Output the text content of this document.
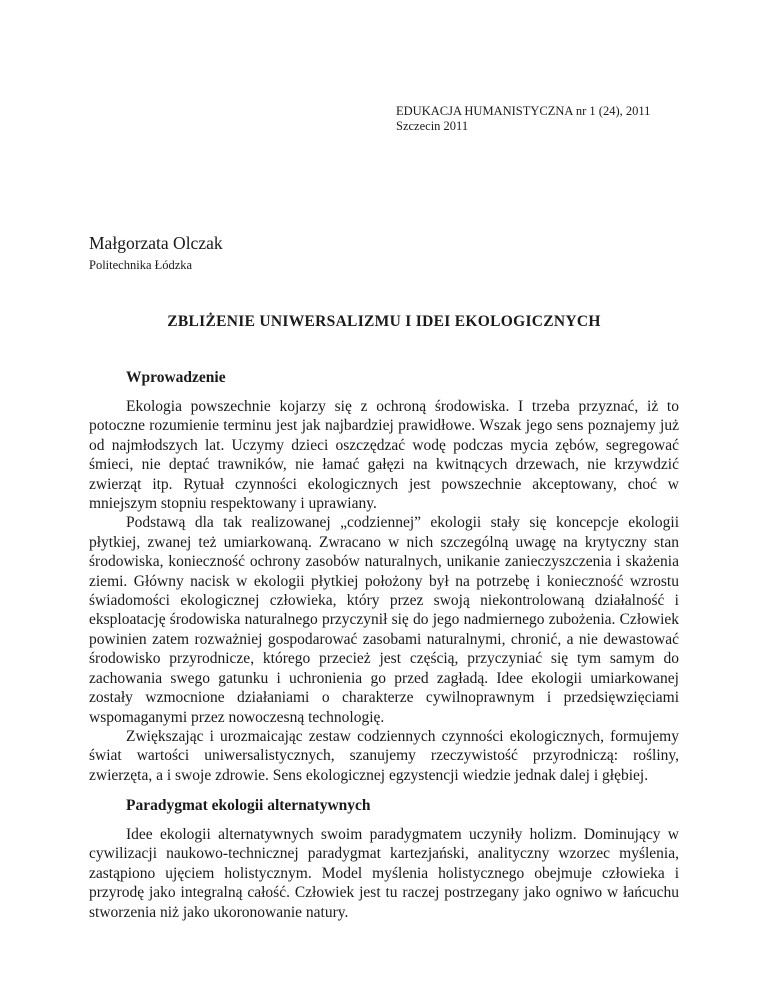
EDUKACJA HUMANISTYCZNA nr 1 (24), 2011
Szczecin 2011
Małgorzata Olczak
Politechnika Łódzka
ZBLIŻENIE UNIWERSALIZMU I IDEI EKOLOGICZNYCH
Wprowadzenie

Ekologia powszechnie kojarzy się z ochroną środowiska. I trzeba przyznać, iż to potoczne rozumienie terminu jest jak najbardziej prawidłowe. Wszak jego sens poznajemy już od najmłodszych lat. Uczymy dzieci oszczędzać wodę podczas mycia zębów, segregować śmieci, nie deptać trawników, nie łamać gałęzi na kwitnących drzewach, nie krzywdzić zwierząt itp. Rytuał czynności ekologicznych jest powszechnie akceptowany, choć w mniejszym stopniu respektowany i uprawiany.

Podstawą dla tak realizowanej „codziennej” ekologii stały się koncepcje ekologii płytkiej, zwanej też umiarkowaną. Zwracano w nich szczególną uwagę na krytyczny stan środowiska, konieczność ochrony zasobów naturalnych, unikanie zanieczyszczenia i skażenia ziemi. Główny nacisk w ekologii płytkiej położony był na potrzebę i konieczność wzrostu świadomości ekologicznej człowieka, który przez swoją niekontrolowaną działalność i eksploatację środowiska naturalnego przyczynił się do jego nadmiernego zubożenia. Człowiek powinien zatem rozważniej gospodarować zasobami naturalnymi, chronić, a nie dewastować środowisko przyrodnicze, którego przecież jest częścią, przyczyniać się tym samym do zachowania swego gatunku i uchronienia go przed zagładą. Idee ekologii umiarkowanej zostały wzmocnione działaniami o charakterze cywilnoprawnym i przedsięwzięciami wspomaganymi przez nowoczesną technologię.

Zwiększając i urozmaicając zestaw codziennych czynności ekologicznych, formujemy świat wartości uniwersalistycznych, szanujemy rzeczywistość przyrodniczą: rośliny, zwierzęta, a i swoje zdrowie. Sens ekologicznej egzystencji wiedzie jednak dalej i głębiej.

Paradygmat ekologii alternatywnych

Idee ekologii alternatywnych swoim paradygmatem uczyniły holizm. Dominujący w cywilizacji naukowo-technicznej paradygmat kartezjański, analityczny wzorzec myślenia, zastąpiono ujęciem holistycznym. Model myślenia holistycznego obejmuje człowieka i przyrodę jako integralną całość. Człowiek jest tu raczej postrzegany jako ogniwo w łańcuchu stworzenia niż jako ukoronowanie natury.
